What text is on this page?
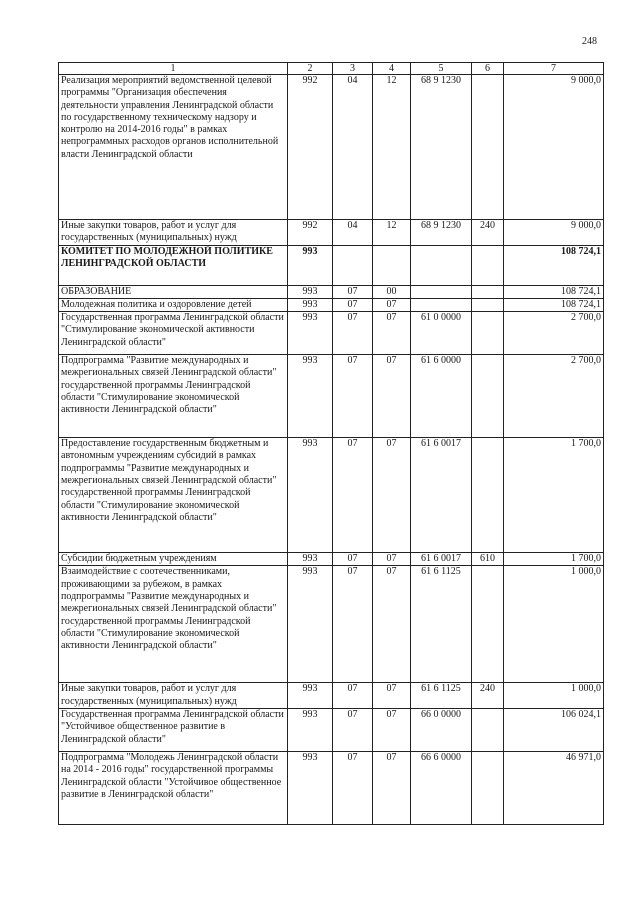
248
1	2	3	4	5	6	7
Реализация мероприятий ведомственной целевой программы "Организация обеспечения деятельности управления Ленинградской области по государственному техническому надзору и контролю на 2014-2016 годы" в рамках непрограммных расходов органов исполнительной власти Ленинградской области	992	04	12	68 9 1230		9 000,0
Иные закупки товаров, работ и услуг для государственных (муниципальных) нужд	992	04	12	68 9 1230	240	9 000,0
КОМИТЕТ ПО МОЛОДЕЖНОЙ ПОЛИТИКЕ ЛЕНИНГРАДСКОЙ ОБЛАСТИ	993					108 724,1
ОБРАЗОВАНИЕ	993	07	00			108 724,1
Молодежная политика и оздоровление детей	993	07	07			108 724,1
Государственная программа Ленинградской области "Стимулирование экономической активности Ленинградской области"	993	07	07	61 0 0000		2 700,0
Подпрограмма "Развитие международных и межрегиональных связей Ленинградской области" государственной программы Ленинградской области "Стимулирование экономической активности Ленинградской области"	993	07	07	61 6 0000		2 700,0
Предоставление государственным бюджетным и автономным учреждениям субсидий в рамках подпрограммы "Развитие международных и межрегиональных связей Ленинградской области" государственной программы Ленинградской области "Стимулирование экономической активности Ленинградской области"	993	07	07	61 6 0017		1 700,0
Субсидии бюджетным учреждениям	993	07	07	61 6 0017	610	1 700,0
Взаимодействие с соотечественниками, проживающими за рубежом, в рамках подпрограммы "Развитие международных и межрегиональных связей Ленинградской области" государственной программы Ленинградской области "Стимулирование экономической активности Ленинградской области"	993	07	07	61 6 1125		1 000,0
Иные закупки товаров, работ и услуг для государственных (муниципальных) нужд	993	07	07	61 6 1125	240	1 000,0
Государственная программа Ленинградской области "Устойчивое общественное развитие в Ленинградской области"	993	07	07	66 0 0000		106 024,1
Подпрограмма "Молодежь Ленинградской области на 2014 - 2016 годы" государственной программы Ленинградской области "Устойчивое общественное развитие в Ленинградской области"	993	07	07	66 6 0000		46 971,0
